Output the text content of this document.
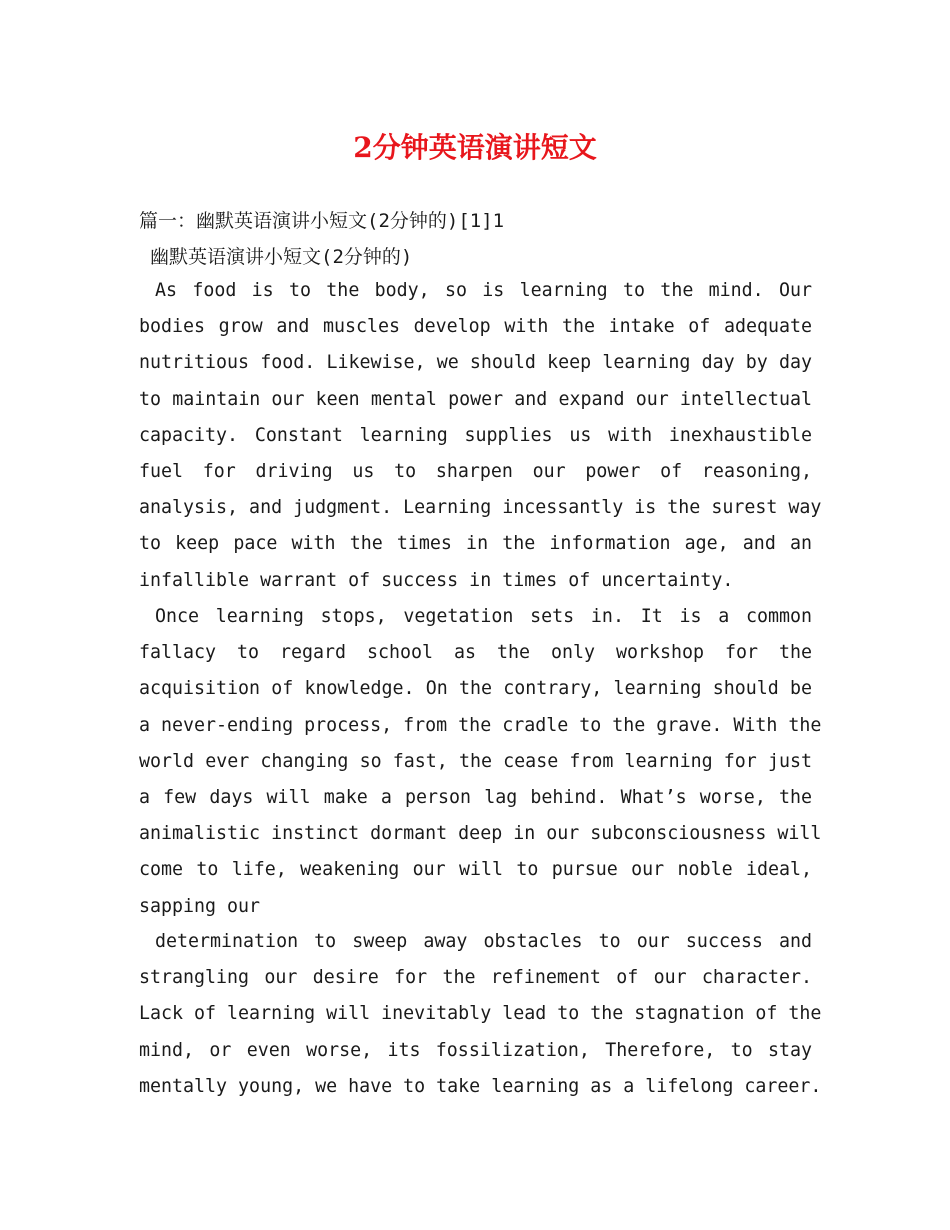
2分钟英语演讲短文

篇一：幽默英语演讲小短文(2分钟的)[1]1

幽默英语演讲小短文(2分钟的)

As food is to the body, so is learning to the mind. Our
bodies grow and muscles develop with the intake of adequate
nutritious food. Likewise, we should keep learning day by day
to maintain our keen mental power and expand our intellectual
capacity. Constant learning supplies us with inexhaustible
fuel for driving us to sharpen our power of reasoning,
analysis, and judgment. Learning incessantly is the surest way
to keep pace with the times in the information age, and an
infallible warrant of success in times of uncertainty.
Once learning stops, vegetation sets in. It is a common
fallacy to regard school as the only workshop for the
acquisition of knowledge. On the contrary, learning should be
a never-ending process, from the cradle to the grave. With the
world ever changing so fast, the cease from learning for just
a few days will make a person lag behind. What’s worse, the
animalistic instinct dormant deep in our subconsciousness will
come to life, weakening our will to pursue our noble ideal,
sapping our
determination to sweep away obstacles to our success and
strangling our desire for the refinement of our character.
Lack of learning will inevitably lead to the stagnation of the
mind, or even worse, its fossilization, Therefore, to stay
mentally young, we have to take learning as a lifelong career.
